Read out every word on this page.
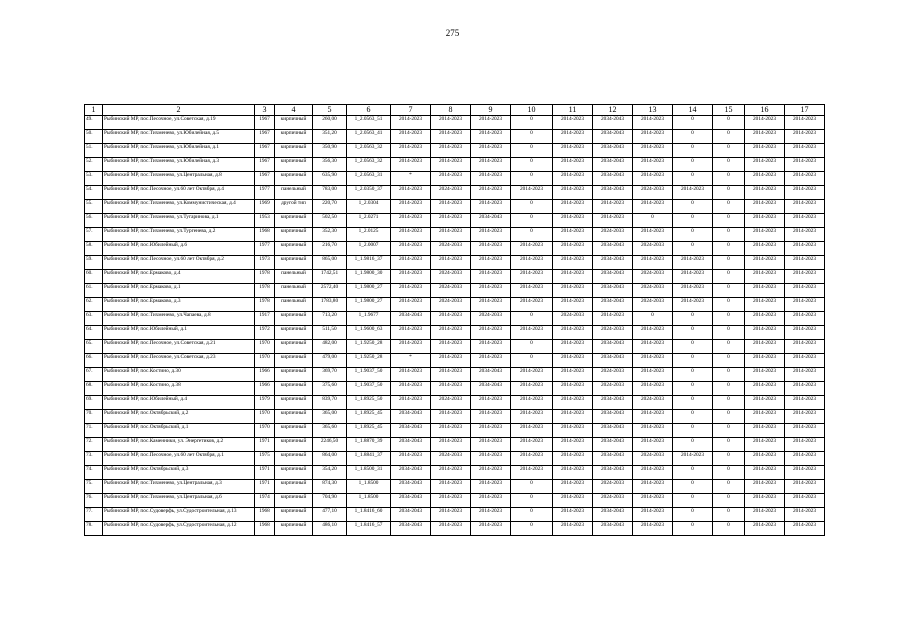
275
1	2	3	4	5	6	7	8	9	10	11	12	13	14	15	16	17
49.	Рыбинский МР, пос.Песочное, ул.Советская, д.19	1967	кирпичный	260,00	1_2.0563_51	2014-2023	2014-2023	2014-2023	0	2014-2023	2034-2043	2014-2023	0	0	2014-2023	2014-2023
50.	Рыбинский МР, пос.Тихменево, ул.Юбилейная, д.5	1967	кирпичный	351,20	1_2.0563_41	2014-2023	2014-2023	2014-2023	0	2014-2023	2034-2043	2014-2023	0	0	2014-2023	2014-2023
51.	Рыбинский МР, пос.Тихменево, ул.Юбилейная, д.1	1967	кирпичный	350,90	1_2.0563_32	2014-2023	2014-2023	2014-2023	0	2014-2023	2034-2043	2014-2023	0	0	2014-2023	2014-2023
52.	Рыбинский МР, пос.Тихменево, ул.Юбилейная, д.3	1967	кирпичный	356,30	1_2.0563_32	2014-2023	2014-2023	2014-2023	0	2014-2023	2034-2043	2014-2023	0	0	2014-2023	2014-2023
53.	Рыбинский МР, пос.Тихменево, ул.Центральная, д.8	1967	кирпичный	635,90	1_2.0563_31	*	2014-2023	2014-2023	0	2014-2023	2034-2043	2014-2023	0	0	2014-2023	2014-2023
54.	Рыбинский МР, пос.Песочное, ул.60 лет Октября, д.4	1977	панельный	783,00	1_2.0350_37	2014-2023	2024-2033	2014-2023	2014-2023	2014-2023	2034-2043	2024-2033	2014-2023	0	2014-2023	2014-2023
55.	Рыбинский МР, пос.Тихменево, ул.Коммунистическая, д.4	1969	другой тип	220,70	1_2.0304	2014-2023	2014-2023	2014-2023	0	2014-2023	2014-2023	2014-2023	0	0	2014-2023	2014-2023
56.	Рыбинский МР, пос.Тихменево, ул.Тугаринова, д.1	1953	кирпичный	502,50	1_2.0271	2014-2023	2014-2023	2034-2043	0	2014-2023	2014-2023	0	0	0	2014-2023	2014-2023
57.	Рыбинский МР, пос.Тихменево, ул.Тургенева, д.2	1968	кирпичный	352,30	1_2.0125	2014-2023	2014-2023	2014-2023	0	2014-2023	2024-2033	2014-2023	0	0	2014-2023	2014-2023
58.	Рыбинский МР, пос.Юбилейный, д.6	1977	кирпичный	216,70	1_2.0007	2014-2023	2024-2033	2014-2023	2014-2023	2014-2023	2034-2043	2024-2033	0	0	2014-2023	2014-2023
59.	Рыбинский МР, пос.Песочное, ул.60 лет Октября, д.2	1973	кирпичный	865,00	1_1.9816_37	2014-2023	2014-2023	2014-2023	2014-2023	2014-2023	2034-2043	2014-2023	2014-2023	0	2014-2023	2014-2023
60.	Рыбинский МР, пос.Ермаково, д.4	1978	панельный	1742,51	1_1.9800_30	2014-2023	2024-2033	2014-2023	2014-2023	2014-2023	2034-2043	2024-2033	2014-2023	0	2014-2023	2014-2023
61.	Рыбинский МР, пос.Ермаково, д.1	1978	панельный	2572,40	1_1.9800_27	2014-2023	2024-2033	2014-2023	2014-2023	2014-2023	2034-2043	2024-2033	2014-2023	0	2014-2023	2014-2023
62.	Рыбинский МР, пос.Ермаково, д.3	1978	панельный	1783,80	1_1.9800_27	2014-2023	2024-2033	2014-2023	2014-2023	2014-2023	2034-2043	2024-2033	2014-2023	0	2014-2023	2014-2023
63.	Рыбинский МР, пос.Тихменево, ул.Чапаева, д.8	1917	кирпичный	713,20	1_1.9677	2034-2043	2014-2023	2024-2033	0	2024-2033	2014-2023	0	0	0	2014-2023	2014-2023
64.	Рыбинский МР, пос.Юбилейный, д.1	1972	кирпичный	511,50	1_1.9600_63	2014-2023	2014-2023	2014-2023	2014-2023	2014-2023	2024-2033	2014-2023	0	0	2014-2023	2014-2023
65.	Рыбинский МР, пос.Песочное, ул.Советская, д.21	1970	кирпичный	482,00	1_1.9250_28	2014-2023	2014-2023	2014-2023	0	2014-2023	2034-2043	2014-2023	0	0	2014-2023	2014-2023
66.	Рыбинский МР, пос.Песочное, ул.Советская, д.23	1970	кирпичный	479,00	1_1.9250_28	*	2014-2023	2014-2023	0	2014-2023	2034-2043	2014-2023	0	0	2014-2023	2014-2023
67.	Рыбинский МР, пос.Костино, д.30	1966	кирпичный	369,70	1_1.9037_50	2014-2023	2014-2023	2034-2043	2014-2023	2014-2023	2024-2033	2014-2023	0	0	2014-2023	2014-2023
68.	Рыбинский МР, пос.Костино, д.38	1966	кирпичный	375,60	1_1.9037_50	2014-2023	2014-2023	2034-2043	2014-2023	2014-2023	2024-2033	2014-2023	0	0	2014-2023	2014-2023
69.	Рыбинский МР, пос.Юбилейный, д.4	1979	кирпичный	839,70	1_1.8925_50	2014-2023	2024-2033	2014-2023	2014-2023	2014-2023	2034-2043	2024-2033	0	0	2014-2023	2014-2023
70.	Рыбинский МР, пос.Октябрьский, д.2	1970	кирпичный	365,00	1_1.8925_45	2034-2043	2014-2023	2014-2023	2014-2023	2014-2023	2034-2043	2014-2023	0	0	2014-2023	2014-2023
71.	Рыбинский МР, пос.Октябрьский, д.1	1970	кирпичный	365,60	1_1.8925_45	2034-2043	2014-2023	2014-2023	2014-2023	2014-2023	2034-2043	2014-2023	0	0	2014-2023	2014-2023
72.	Рыбинский МР, пос.Каменники, ул. Энергетиков, д.2	1971	кирпичный	2246,50	1_1.8870_39	2034-2043	2014-2023	2014-2023	2014-2023	2014-2023	2034-2043	2014-2023	0	0	2014-2023	2014-2023
73.	Рыбинский МР, пос.Песочное, ул.60 лет Октября, д.1	1975	кирпичный	864,00	1_1.8841_37	2014-2023	2024-2033	2014-2023	2014-2023	2014-2023	2034-2043	2024-2033	2014-2023	0	2014-2023	2014-2023
74.	Рыбинский МР, пос.Октябрьский, д.3	1971	кирпичный	354,20	1_1.8500_31	2034-2043	2014-2023	2014-2023	2014-2023	2014-2023	2034-2043	2014-2023	0	0	2014-2023	2014-2023
75.	Рыбинский МР, пос.Тихменево, ул.Центральная, д.3	1971	кирпичный	874,30	1_1.8500	2034-2043	2014-2023	2014-2023	0	2014-2023	2024-2033	2014-2023	0	0	2014-2023	2014-2023
76.	Рыбинский МР, пос.Тихменево, ул.Центральная, д.6	1974	кирпичный	704,90	1_1.8500	2034-2043	2014-2023	2014-2023	0	2014-2023	2024-2033	2014-2023	0	0	2014-2023	2014-2023
77.	Рыбинский МР, пос.Судоверфь, ул.Судостроительная, д.13	1968	кирпичный	477,10	1_1.8416_60	2034-2043	2014-2023	2014-2023	0	2014-2023	2034-2043	2014-2023	0	0	2014-2023	2014-2023
78.	Рыбинский МР, пос.Судоверфь, ул.Судостроительная, д.12	1968	кирпичный	486,10	1_1.8416_57	2034-2043	2014-2023	2014-2023	0	2014-2023	2034-2043	2014-2023	0	0	2014-2023	2014-2023
